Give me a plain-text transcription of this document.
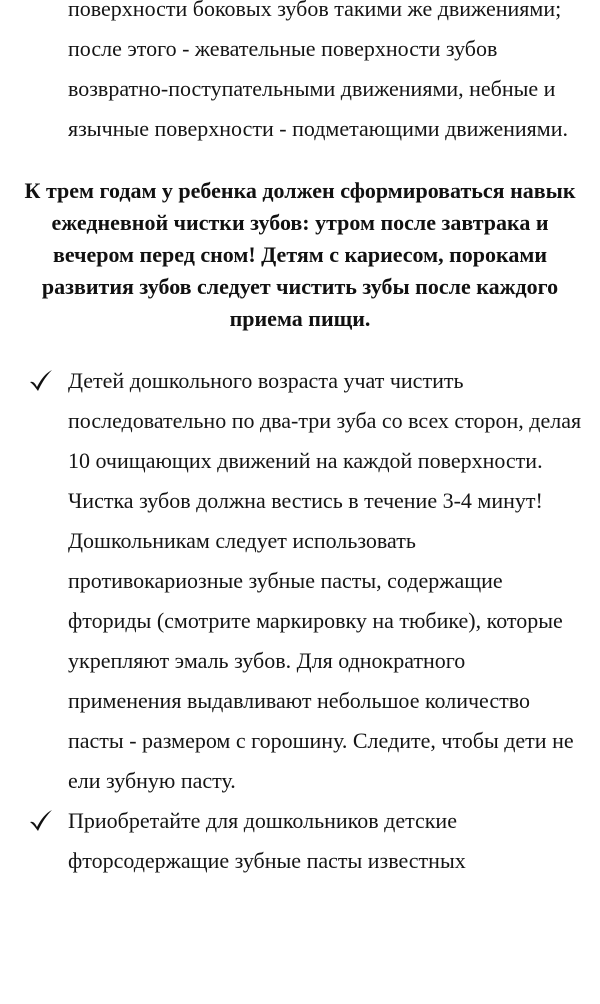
поверхности боковых зубов такими же движениями; после этого - жевательные поверхности зубов возвратно-поступательными движениями, небные и язычные поверхности - подметающими движениями.

К трем годам у ребенка должен сформироваться навык ежедневной чистки зубов: утром после завтрака и вечером перед сном! Детям с кариесом, пороками развития зубов следует чистить зубы после каждого приема пищи.

Детей дошкольного возраста учат чистить последовательно по два-три зуба со всех сторон, делая 10 очищающих движений на каждой поверхности. Чистка зубов должна вестись в течение 3-4 минут! Дошкольникам следует использовать противокариозные зубные пасты, содержащие фториды (смотрите маркировку на тюбике), которые укрепляют эмаль зубов. Для однократного применения выдавливают небольшое количество пасты - размером с горошину. Следите, чтобы дети не ели зубную пасту.
Приобретайте для дошкольников детские фторсодержащие зубные пасты известных
